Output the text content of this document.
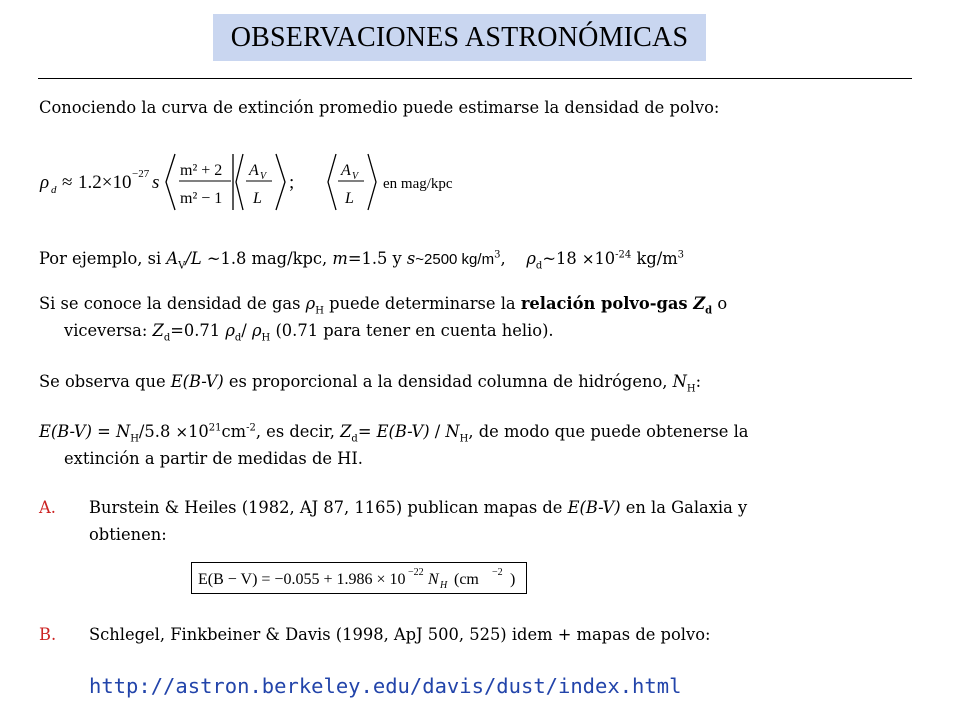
OBSERVACIONES ASTRONÓMICAS
Conociendo la curva de extinción promedio puede estimarse la densidad de polvo:
ρ d ≈ 1.2×10 −27 s
m² + 2
m² − 1
A V
L
;
A V
L
en mag/kpc
Por ejemplo, si $A_V/L$ ~1.8 mag/kpc, m=1.5 y s~2500 $kg/m^3$, $\rho_d\sim 18 \times 10^{-24}$ $kg/m^3$
Si se conoce la densidad de gas $\rho_H$ puede determinarse la relación polvo-gas $Z_d$ o
viceversa: $Z_d=0.71$ $\rho_d/$ $\rho_H$ (0.71 para tener en cuenta helio).
Se observa que E(B-V) es proporcional a la densidad columna de hidrógeno, $N_H$:
$E(B-V) = N_H/5.8 \times 10^{21}cm^{-2}$, es decir, $Z_d= E(B-V) / N_H$, de modo que puede obtenerse la
extinción a partir de medidas de HI.
A. Burstein & Heiles (1982, AJ 87, 1165) publican mapas de E(B-V) en la Galaxia y
obtienen:
E(B − V) = −0.055 + 1.986 × 10 −22 N H (cm −2 )
B. Schlegel, Finkbeiner & Davis (1998, ApJ 500, 525) idem + mapas de polvo:
http://astron.berkeley.edu/davis/dust/index.html
